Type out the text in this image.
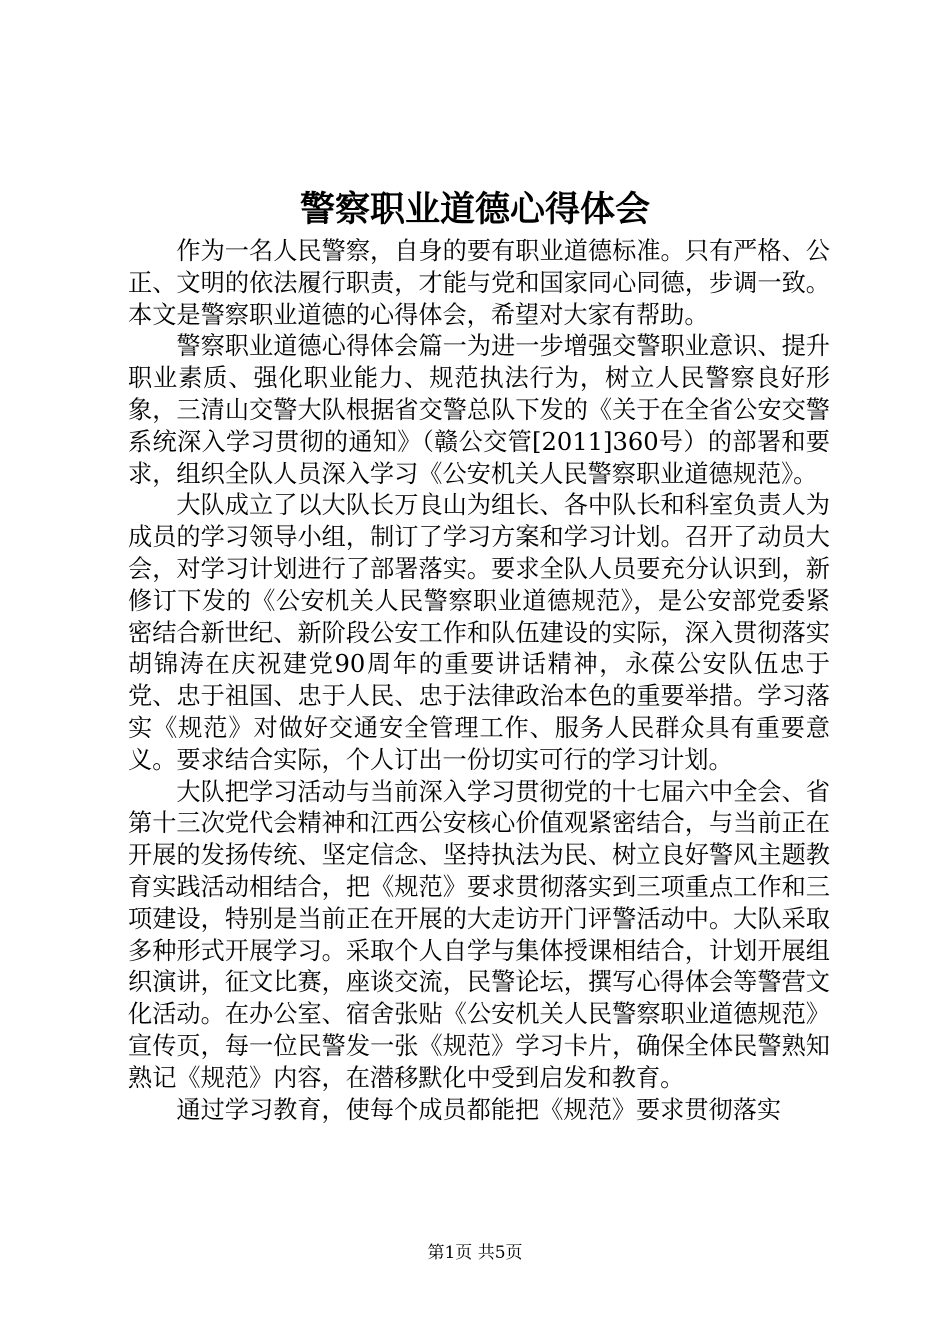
警察职业道德心得体会

作为一名人民警察，自身的要有职业道德标准。只有严格、公正、文明的依法履行职责，才能与党和国家同心同德，步调一致。本文是警察职业道德的心得体会，希望对大家有帮助。

警察职业道德心得体会篇一为进一步增强交警职业意识、提升职业素质、强化职业能力、规范执法行为，树立人民警察良好形象，三清山交警大队根据省交警总队下发的《关于在全省公安交警系统深入学习贯彻的通知》（赣公交管[2011]360号）的部署和要求，组织全队人员深入学习《公安机关人民警察职业道德规范》。

大队成立了以大队长万良山为组长、各中队长和科室负责人为成员的学习领导小组，制订了学习方案和学习计划。召开了动员大会，对学习计划进行了部署落实。要求全队人员要充分认识到，新修订下发的《公安机关人民警察职业道德规范》，是公安部党委紧密结合新世纪、新阶段公安工作和队伍建设的实际，深入贯彻落实胡锦涛在庆祝建党90周年的重要讲话精神，永葆公安队伍忠于党、忠于祖国、忠于人民、忠于法律政治本色的重要举措。学习落实《规范》对做好交通安全管理工作、服务人民群众具有重要意义。要求结合实际，个人订出一份切实可行的学习计划。

大队把学习活动与当前深入学习贯彻党的十七届六中全会、省第十三次党代会精神和江西公安核心价值观紧密结合，与当前正在开展的发扬传统、坚定信念、坚持执法为民、树立良好警风主题教育实践活动相结合，把《规范》要求贯彻落实到三项重点工作和三项建设，特别是当前正在开展的大走访开门评警活动中。大队采取多种形式开展学习。采取个人自学与集体授课相结合，计划开展组织演讲，征文比赛，座谈交流，民警论坛，撰写心得体会等警营文化活动。在办公室、宿舍张贴《公安机关人民警察职业道德规范》宣传页，每一位民警发一张《规范》学习卡片，确保全体民警熟知熟记《规范》内容，在潜移默化中受到启发和教育。

通过学习教育，使每个成员都能把《规范》要求贯彻落实

第1页 共5页
